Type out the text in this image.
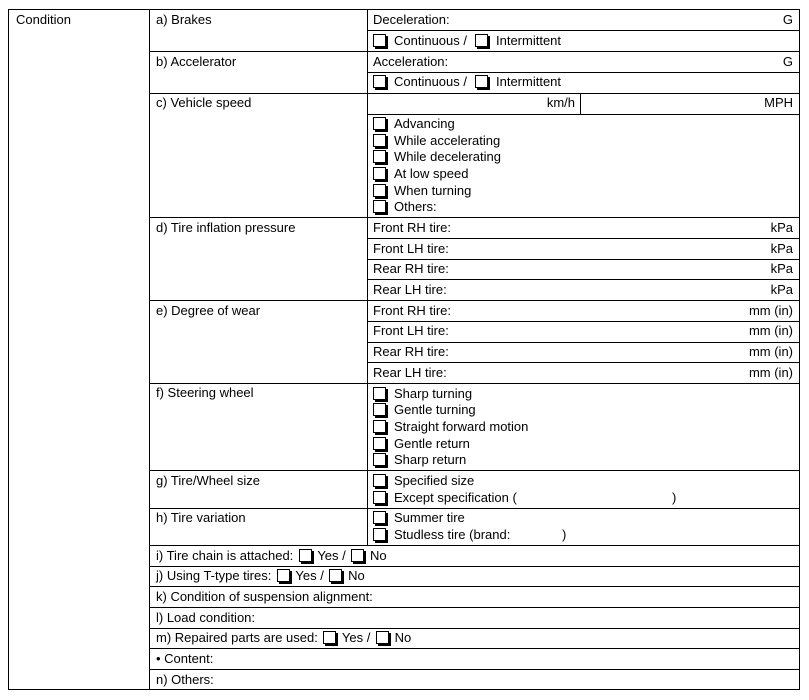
Condition	a) Brakes	Deceleration:	G
Continuous / Intermittent
b) Accelerator	Acceleration:	G
Continuous / Intermittent
c) Vehicle speed	km/h	MPH
Advancing
While accelerating
While decelerating
At low speed
When turning
Others:
d) Tire inflation pressure	Front RH tire:	kPa
Front LH tire:	kPa
Rear RH tire:	kPa
Rear LH tire:	kPa
e) Degree of wear	Front RH tire:	mm (in)
Front LH tire:	mm (in)
Rear RH tire:	mm (in)
Rear LH tire:	mm (in)
f) Steering wheel	Sharp turning
Gentle turning
Straight forward motion
Gentle return
Sharp return
g) Tire/Wheel size	Specified size
Except specification (	)
h) Tire variation	Summer tire
Studless tire (brand:	)
i) Tire chain is attached: Yes / No
j) Using T-type tires: Yes / No
k) Condition of suspension alignment:
l) Load condition:
m) Repaired parts are used: Yes / No
• Content:
n) Others:
